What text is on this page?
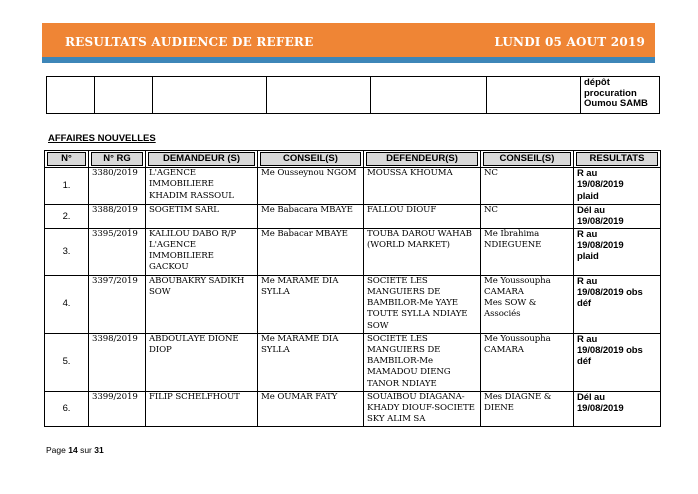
RESULTATS AUDIENCE DE REFERE	LUNDI 05 AOUT 2019
						dépôt
procuration
Oumou SAMB
AFFAIRES NOUVELLES
N°	N° RG	DEMANDEUR (S)	CONSEIL(S)	DEFENDEUR(S)	CONSEIL(S)	RESULTATS

1.	3380/2019	L'AGENCE
IMMOBILIERE
KHADIM RASSOUL	Me Ousseynou NGOM	MOUSSA KHOUMA	NC	R au
19/08/2019
plaid
2.	3388/2019	SOGETIM SARL	Me Babacara MBAYE	FALLOU DIOUF	NC	Dél au
19/08/2019
3.	3395/2019	KALILOU DABO R/P
L'AGENCE
IMMOBILIERE
GACKOU	Me Babacar MBAYE	TOUBA DAROU WAHAB
(WORLD MARKET)	Me Ibrahima
NDIEGUENE	R au
19/08/2019
plaid
4.	3397/2019	ABOUBAKRY SADIKH
SOW	Me MARAME DIA
SYLLA	SOCIETE LES
MANGUIERS DE
BAMBILOR-Me YAYE
TOUTE SYLLA NDIAYE
SOW	Me Youssoupha
CAMARA
Mes SOW &
Associés	R au
19/08/2019 obs
déf
5.	3398/2019	ABDOULAYE DIONE
DIOP	Me MARAME DIA
SYLLA	SOCIETE LES
MANGUIERS DE
BAMBILOR-Me
MAMADOU DIENG
TANOR NDIAYE	Me Youssoupha
CAMARA	R au
19/08/2019 obs
déf
6.	3399/2019	FILIP SCHELFHOUT	Me OUMAR FATY	SOUAIBOU DIAGANA-
KHADY DIOUF-SOCIETE
SKY ALIM SA	Mes DIAGNE &
DIENE	Dél au
19/08/2019
Page 14 sur 31
